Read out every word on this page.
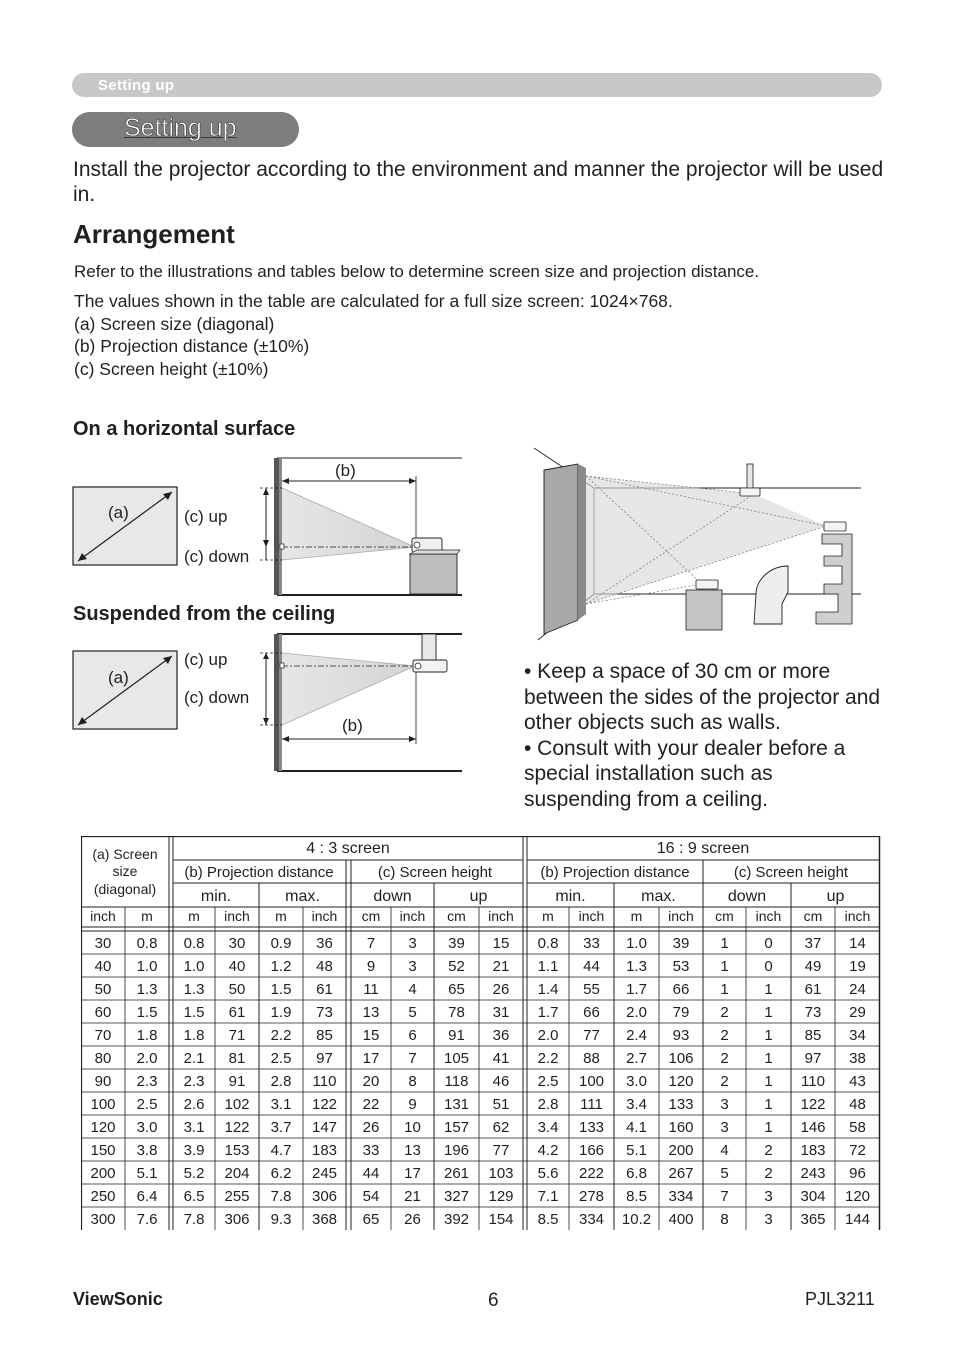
Setting up
Setting up
Install the projector according to the environment and manner the projector will be used in.
Arrangement
Refer to the illustrations and tables below to determine screen size and projection distance.
The values shown in the table are calculated for a full size screen: 1024×768.
(a) Screen size (diagonal)
(b) Projection distance (±10%)
(c) Screen height (±10%)
On a horizontal surface
(a)	(c) up
(c) down
(b)
Suspended from the ceiling
(a)
(c) up
(c) down
(b)
• Keep a space of 30 cm or more between the sides of the projector and other objects such as walls.
• Consult with your dealer before a special installation such as suspending from a ceiling.
(a) Screen
size
(diagonal)
4 : 3 screen	16 : 9 screen
(b) Projection distance	(c) Screen height	(b) Projection distance	(c) Screen height
min.	max.	down	up	min.	max.	down	up
inch m	m inch m inch cm inch cm inch m inch m inch cm inch cm inch
30 0.8 0.8 30 0.9 36 7 3 39 15 0.8 33 1.0 39 1 0 37 14
40 1.0 1.0 40 1.2 48 9 3 52 21 1.1 44 1.3 53 1 0 49 19
50 1.3 1.3 50 1.5 61 11 4 65 26 1.4 55 1.7 66 1 1 61 24
60 1.5 1.5 61 1.9 73 13 5 78 31 1.7 66 2.0 79 2 1 73 29
70 1.8 1.8 71 2.2 85 15 6 91 36 2.0 77 2.4 93 2 1 85 34
80 2.0 2.1 81 2.5 97 17 7 105 41 2.2 88 2.7 106 2 1 97 38
90 2.3 2.3 91 2.8 110 20 8 118 46 2.5 100 3.0 120 2 1 110 43
100 2.5 2.6 102 3.1 122 22 9 131 51 2.8 111 3.4 133 3 1 122 48
120 3.0 3.1 122 3.7 147 26 10 157 62 3.4 133 4.1 160 3 1 146 58
150 3.8 3.9 153 4.7 183 33 13 196 77 4.2 166 5.1 200 4 2 183 72
200 5.1 5.2 204 6.2 245 44 17 261 103 5.6 222 6.8 267 5 2 243 96
250 6.4 6.5 255 7.8 306 54 21 327 129 7.1 278 8.5 334 7 3 304 120
300 7.6 7.8 306 9.3 368 65 26 392 154 8.5 334 10.2 400 8 3 365 144
ViewSonic	6	PJL3211
